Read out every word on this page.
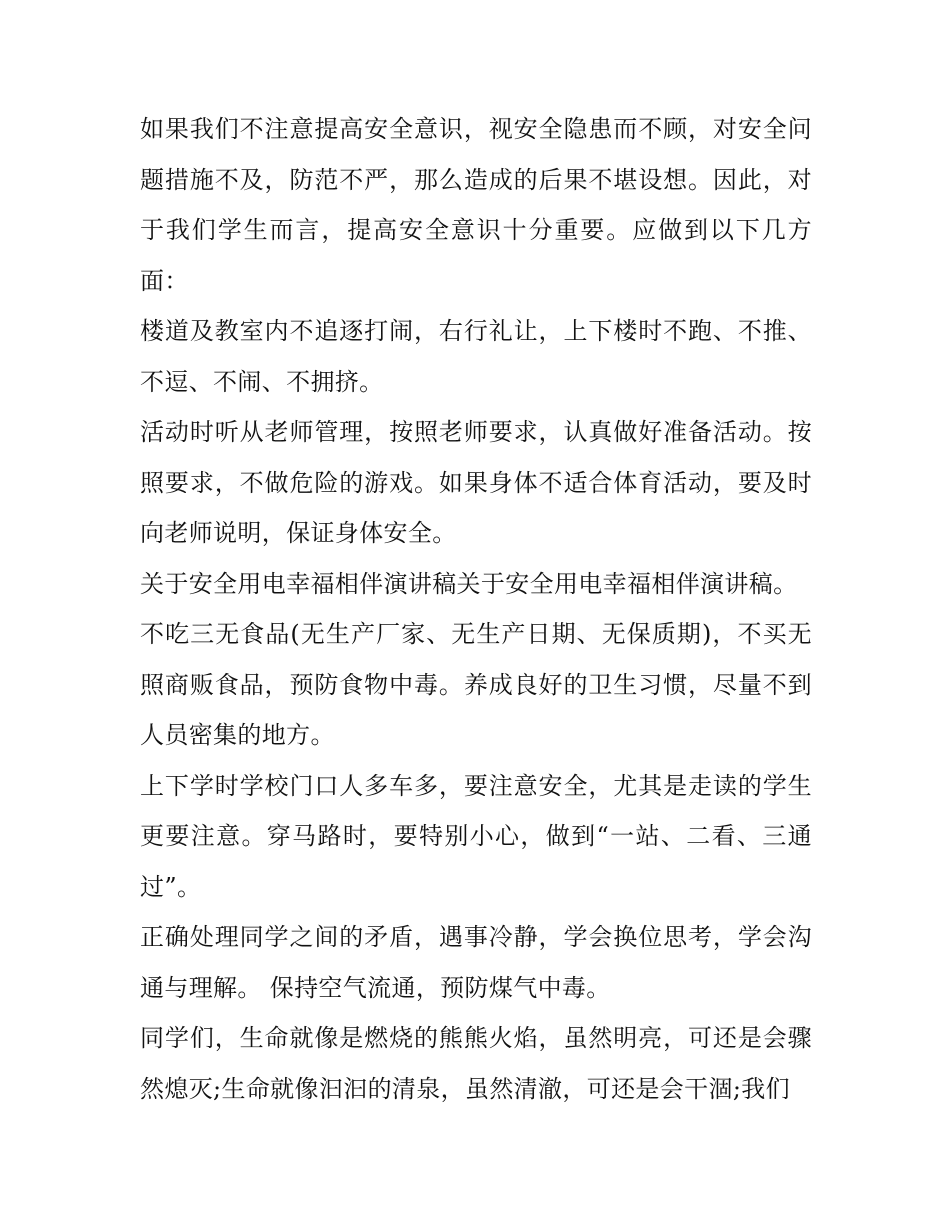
如果我们不注意提高安全意识，视安全隐患而不顾，对安全问题措施不及，防范不严，那么造成的后果不堪设想。因此，对于我们学生而言，提高安全意识十分重要。应做到以下几方面：

楼道及教室内不追逐打闹，右行礼让，上下楼时不跑、不推、不逗、不闹、不拥挤。

活动时听从老师管理，按照老师要求，认真做好准备活动。按照要求，不做危险的游戏。如果身体不适合体育活动，要及时向老师说明，保证身体安全。

关于安全用电幸福相伴演讲稿关于安全用电幸福相伴演讲稿。

不吃三无食品(无生产厂家、无生产日期、无保质期)，不买无照商贩食品，预防食物中毒。养成良好的卫生习惯，尽量不到人员密集的地方。

上下学时学校门口人多车多，要注意安全，尤其是走读的学生更要注意。穿马路时，要特别小心，做到“一站、二看、三通过”。

正确处理同学之间的矛盾，遇事冷静，学会换位思考，学会沟通与理解。 保持空气流通，预防煤气中毒。

同学们，生命就像是燃烧的熊熊火焰，虽然明亮，可还是会骤然熄灭;生命就像汩汩的清泉，虽然清澈，可还是会干涸;我们
